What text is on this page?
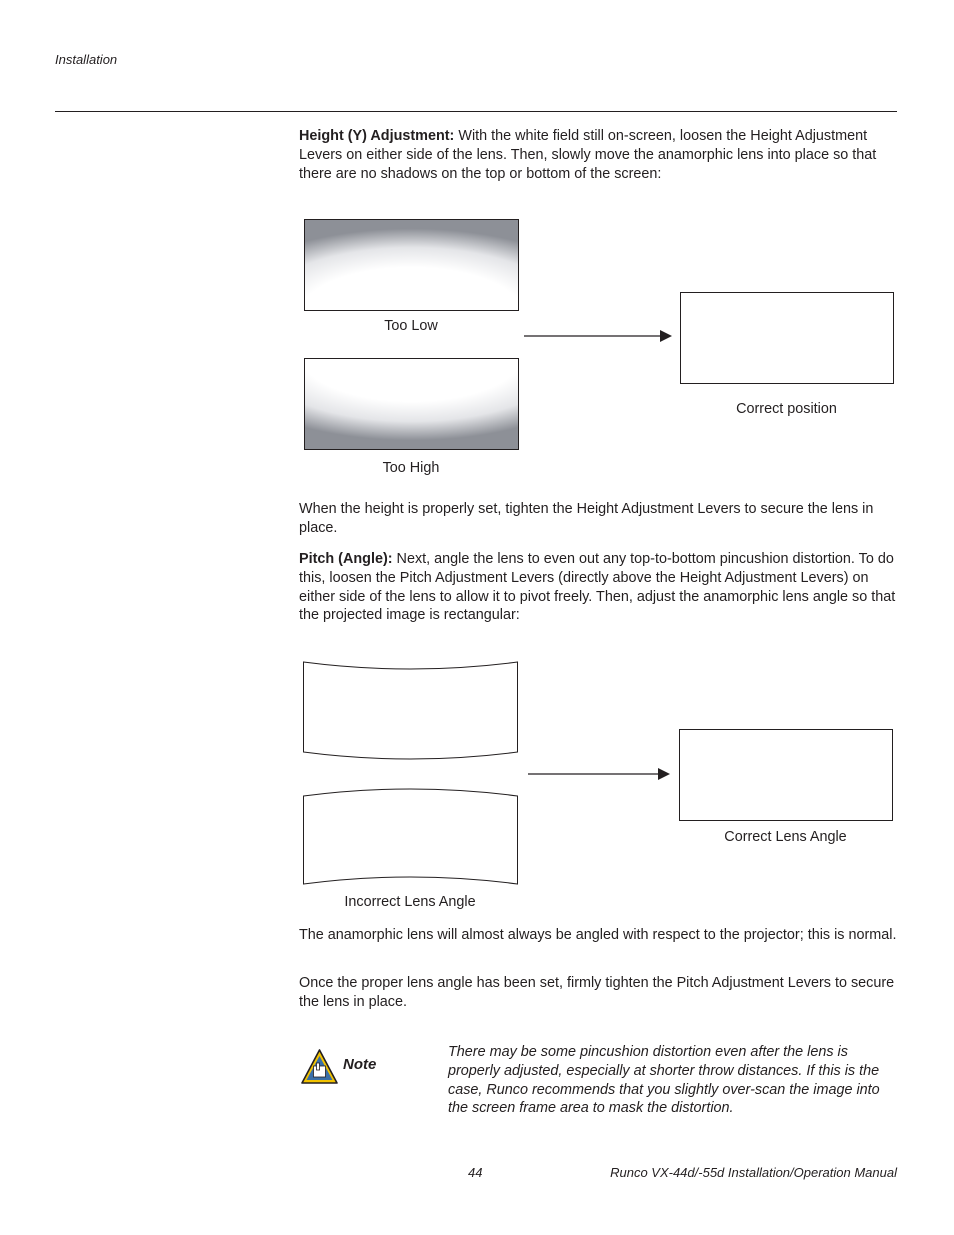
Installation

Height (Y) Adjustment: With the white field still on-screen, loosen the Height Adjustment Levers on either side of the lens. Then, slowly move the anamorphic lens into place so that there are no shadows on the top or bottom of the screen:

Too Low
Too High
Correct position

When the height is properly set, tighten the Height Adjustment Levers to secure the lens in place.

Pitch (Angle): Next, angle the lens to even out any top-to-bottom pincushion distortion. To do this, loosen the Pitch Adjustment Levers (directly above the Height Adjustment Levers) on either side of the lens to allow it to pivot freely. Then, adjust the anamorphic lens angle so that the projected image is rectangular:

Incorrect Lens Angle
Correct Lens Angle

The anamorphic lens will almost always be angled with respect to the projector; this is normal.

Once the proper lens angle has been set, firmly tighten the Pitch Adjustment Levers to secure the lens in place.

Note

There may be some pincushion distortion even after the lens is properly adjusted, especially at shorter throw distances. If this is the case, Runco recommends that you slightly over-scan the image into the screen frame area to mask the distortion.

44	Runco VX-44d/-55d Installation/Operation Manual
